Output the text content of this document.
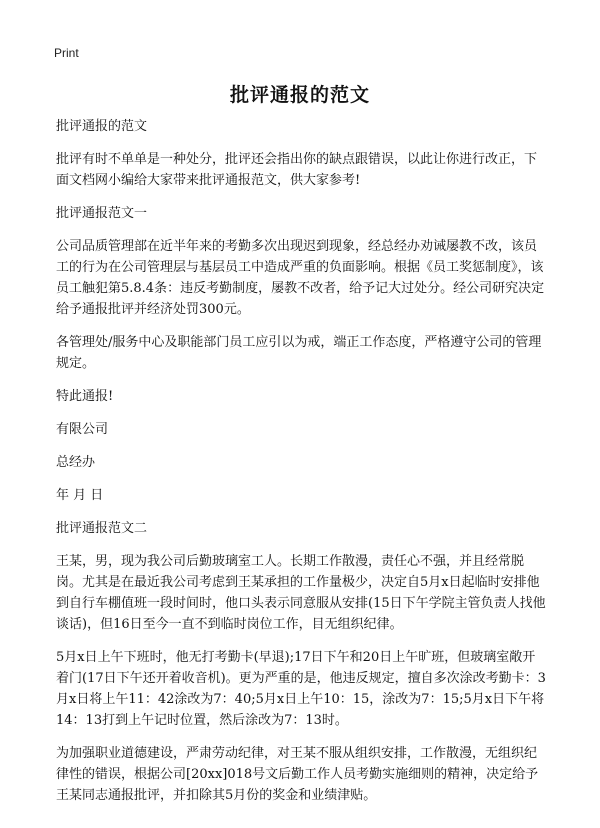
Print
批评通报的范文

批评通报的范文

批评有时不单单是一种处分，批评还会指出你的缺点跟错误，以此让你进行改正，下面文档网小编给大家带来批评通报范文，供大家参考!

批评通报范文一

公司品质管理部在近半年来的考勤多次出现迟到现象，经总经办劝诫屡教不改，该员工的行为在公司管理层与基层员工中造成严重的负面影响。根据《员工奖惩制度》，该员工触犯第5.8.4条：违反考勤制度，屡教不改者，给予记大过处分。经公司研究决定给予通报批评并经济处罚300元。

各管理处/服务中心及职能部门员工应引以为戒，端正工作态度，严格遵守公司的管理规定。

特此通报!

有限公司

总经办

年 月 日

批评通报范文二

王某，男，现为我公司后勤玻璃室工人。长期工作散漫，责任心不强，并且经常脱岗。尤其是在最近我公司考虑到王某承担的工作量极少，决定自5月x日起临时安排他到自行车棚值班一段时间时，他口头表示同意服从安排(15日下午学院主管负责人找他谈话)，但16日至今一直不到临时岗位工作，目无组织纪律。

5月x日上午下班时，他无打考勤卡(早退);17日下午和20日上午旷班，但玻璃室敞开着门(17日下午还开着收音机)。更为严重的是，他违反规定，擅自多次涂改考勤卡：3月x日将上午11：42涂改为7：40;5月x日上午10：15，涂改为7：15;5月x日下午将14：13打到上午记时位置，然后涂改为7：13时。

为加强职业道德建设，严肃劳动纪律，对王某不服从组织安排，工作散漫，无组织纪律性的错误，根据公司[20xx]018号文后勤工作人员考勤实施细则的精神，决定给予王某同志通报批评，并扣除其5月份的奖金和业绩津贴。
